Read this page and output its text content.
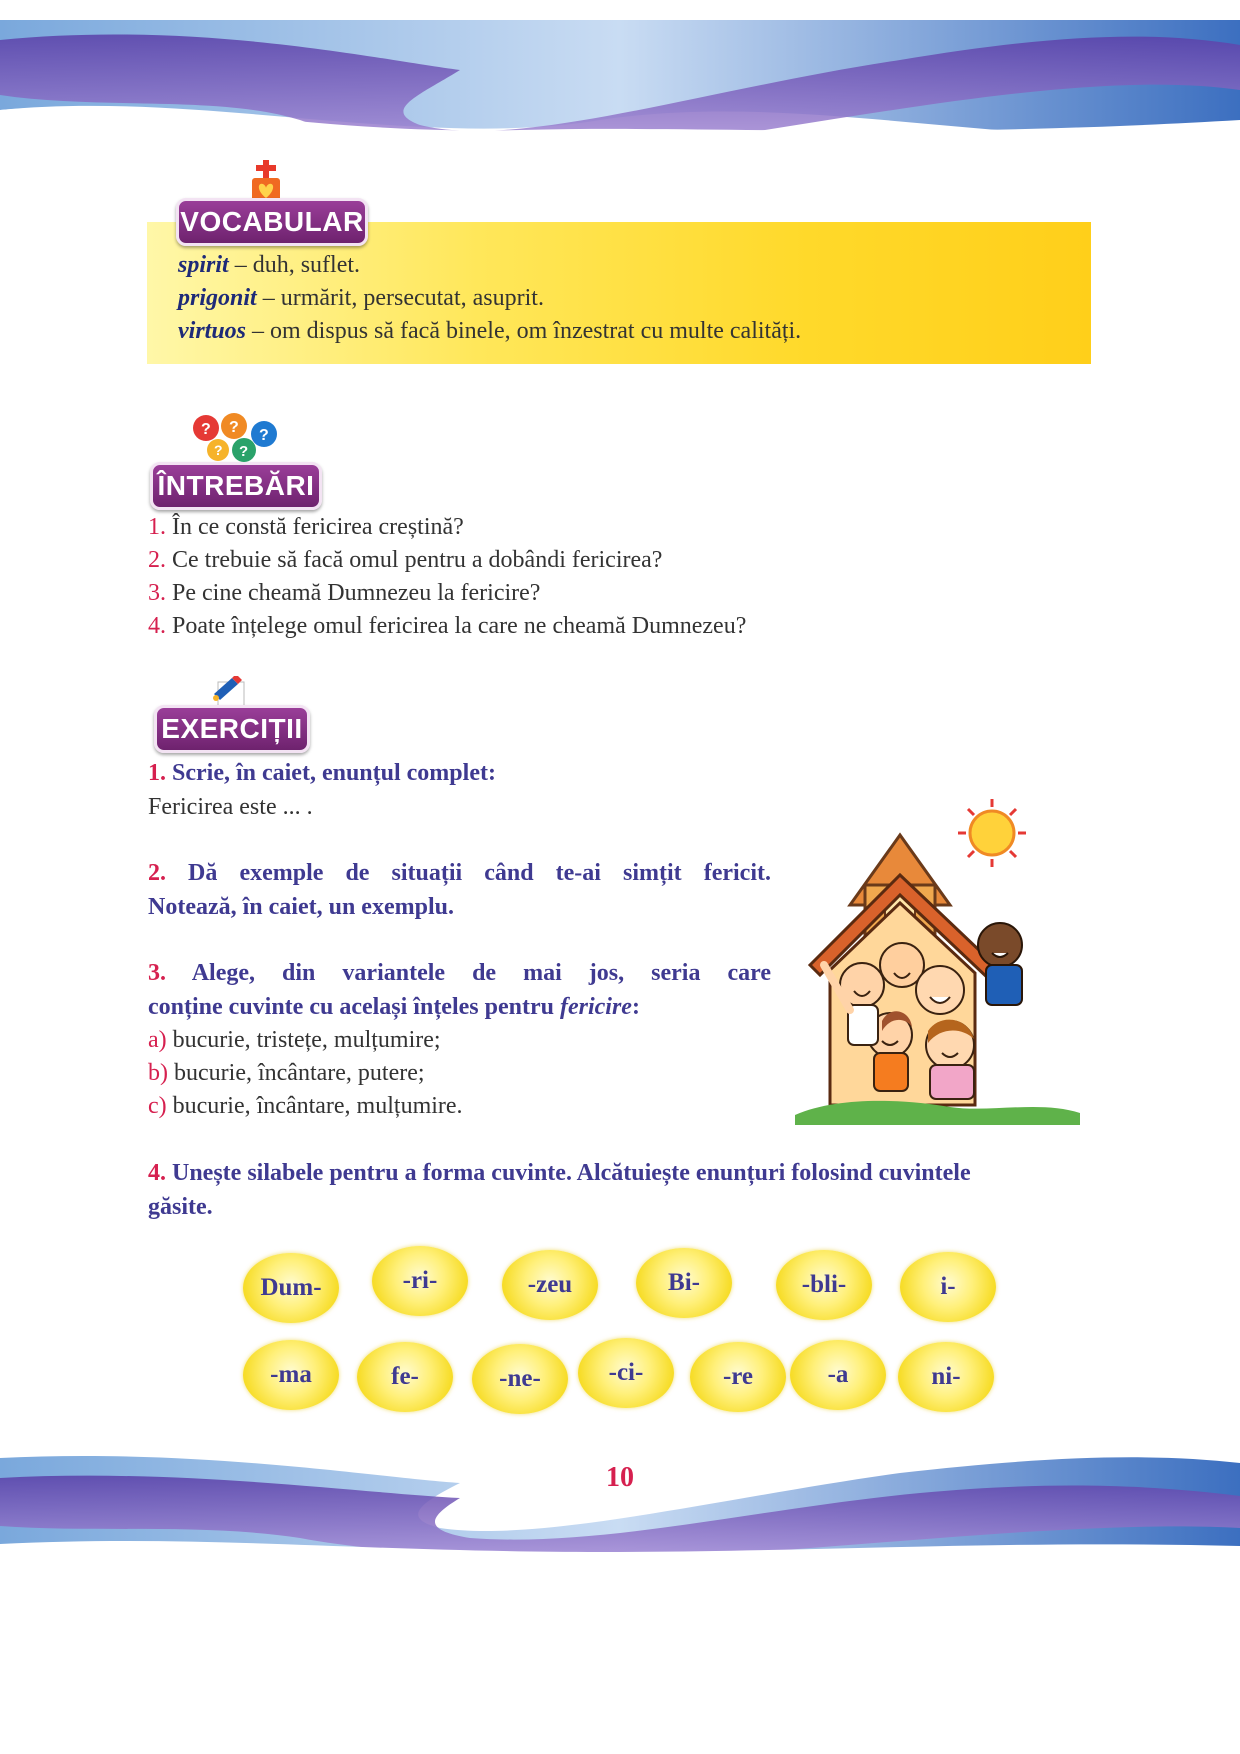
VOCABULAR
spirit – duh, suflet.
prigonit – urmărit, persecutat, asuprit.
virtuos – om dispus să facă binele, om înzestrat cu multe calități.
? ? ?
? ?
ÎNTREBĂRI
1. În ce constă fericirea creștină?
2. Ce trebuie să facă omul pentru a dobândi fericirea?
3. Pe cine cheamă Dumnezeu la fericire?
4. Poate înțelege omul fericirea la care ne cheamă Dumnezeu?
EXERCIȚII
1. Scrie, în caiet, enunțul complet:
Fericirea este ... .
2. Dă exemple de situații când te-ai simțit fericit.
Notează, în caiet, un exemplu.
3. Alege, din variantele de mai jos, seria care
conține cuvinte cu același înțeles pentru fericire:
a) bucurie, tristețe, mulțumire;
b) bucurie, încântare, putere;
c) bucurie, încântare, mulțumire.
4. Unește silabele pentru a forma cuvinte. Alcătuiește enunțuri folosind cuvintele
găsite.
Dum-	-ri-	-zeu	Bi-	-bli-	i-
-ma	fe-	-ne-	-ci-	-re	-a	ni-
10
